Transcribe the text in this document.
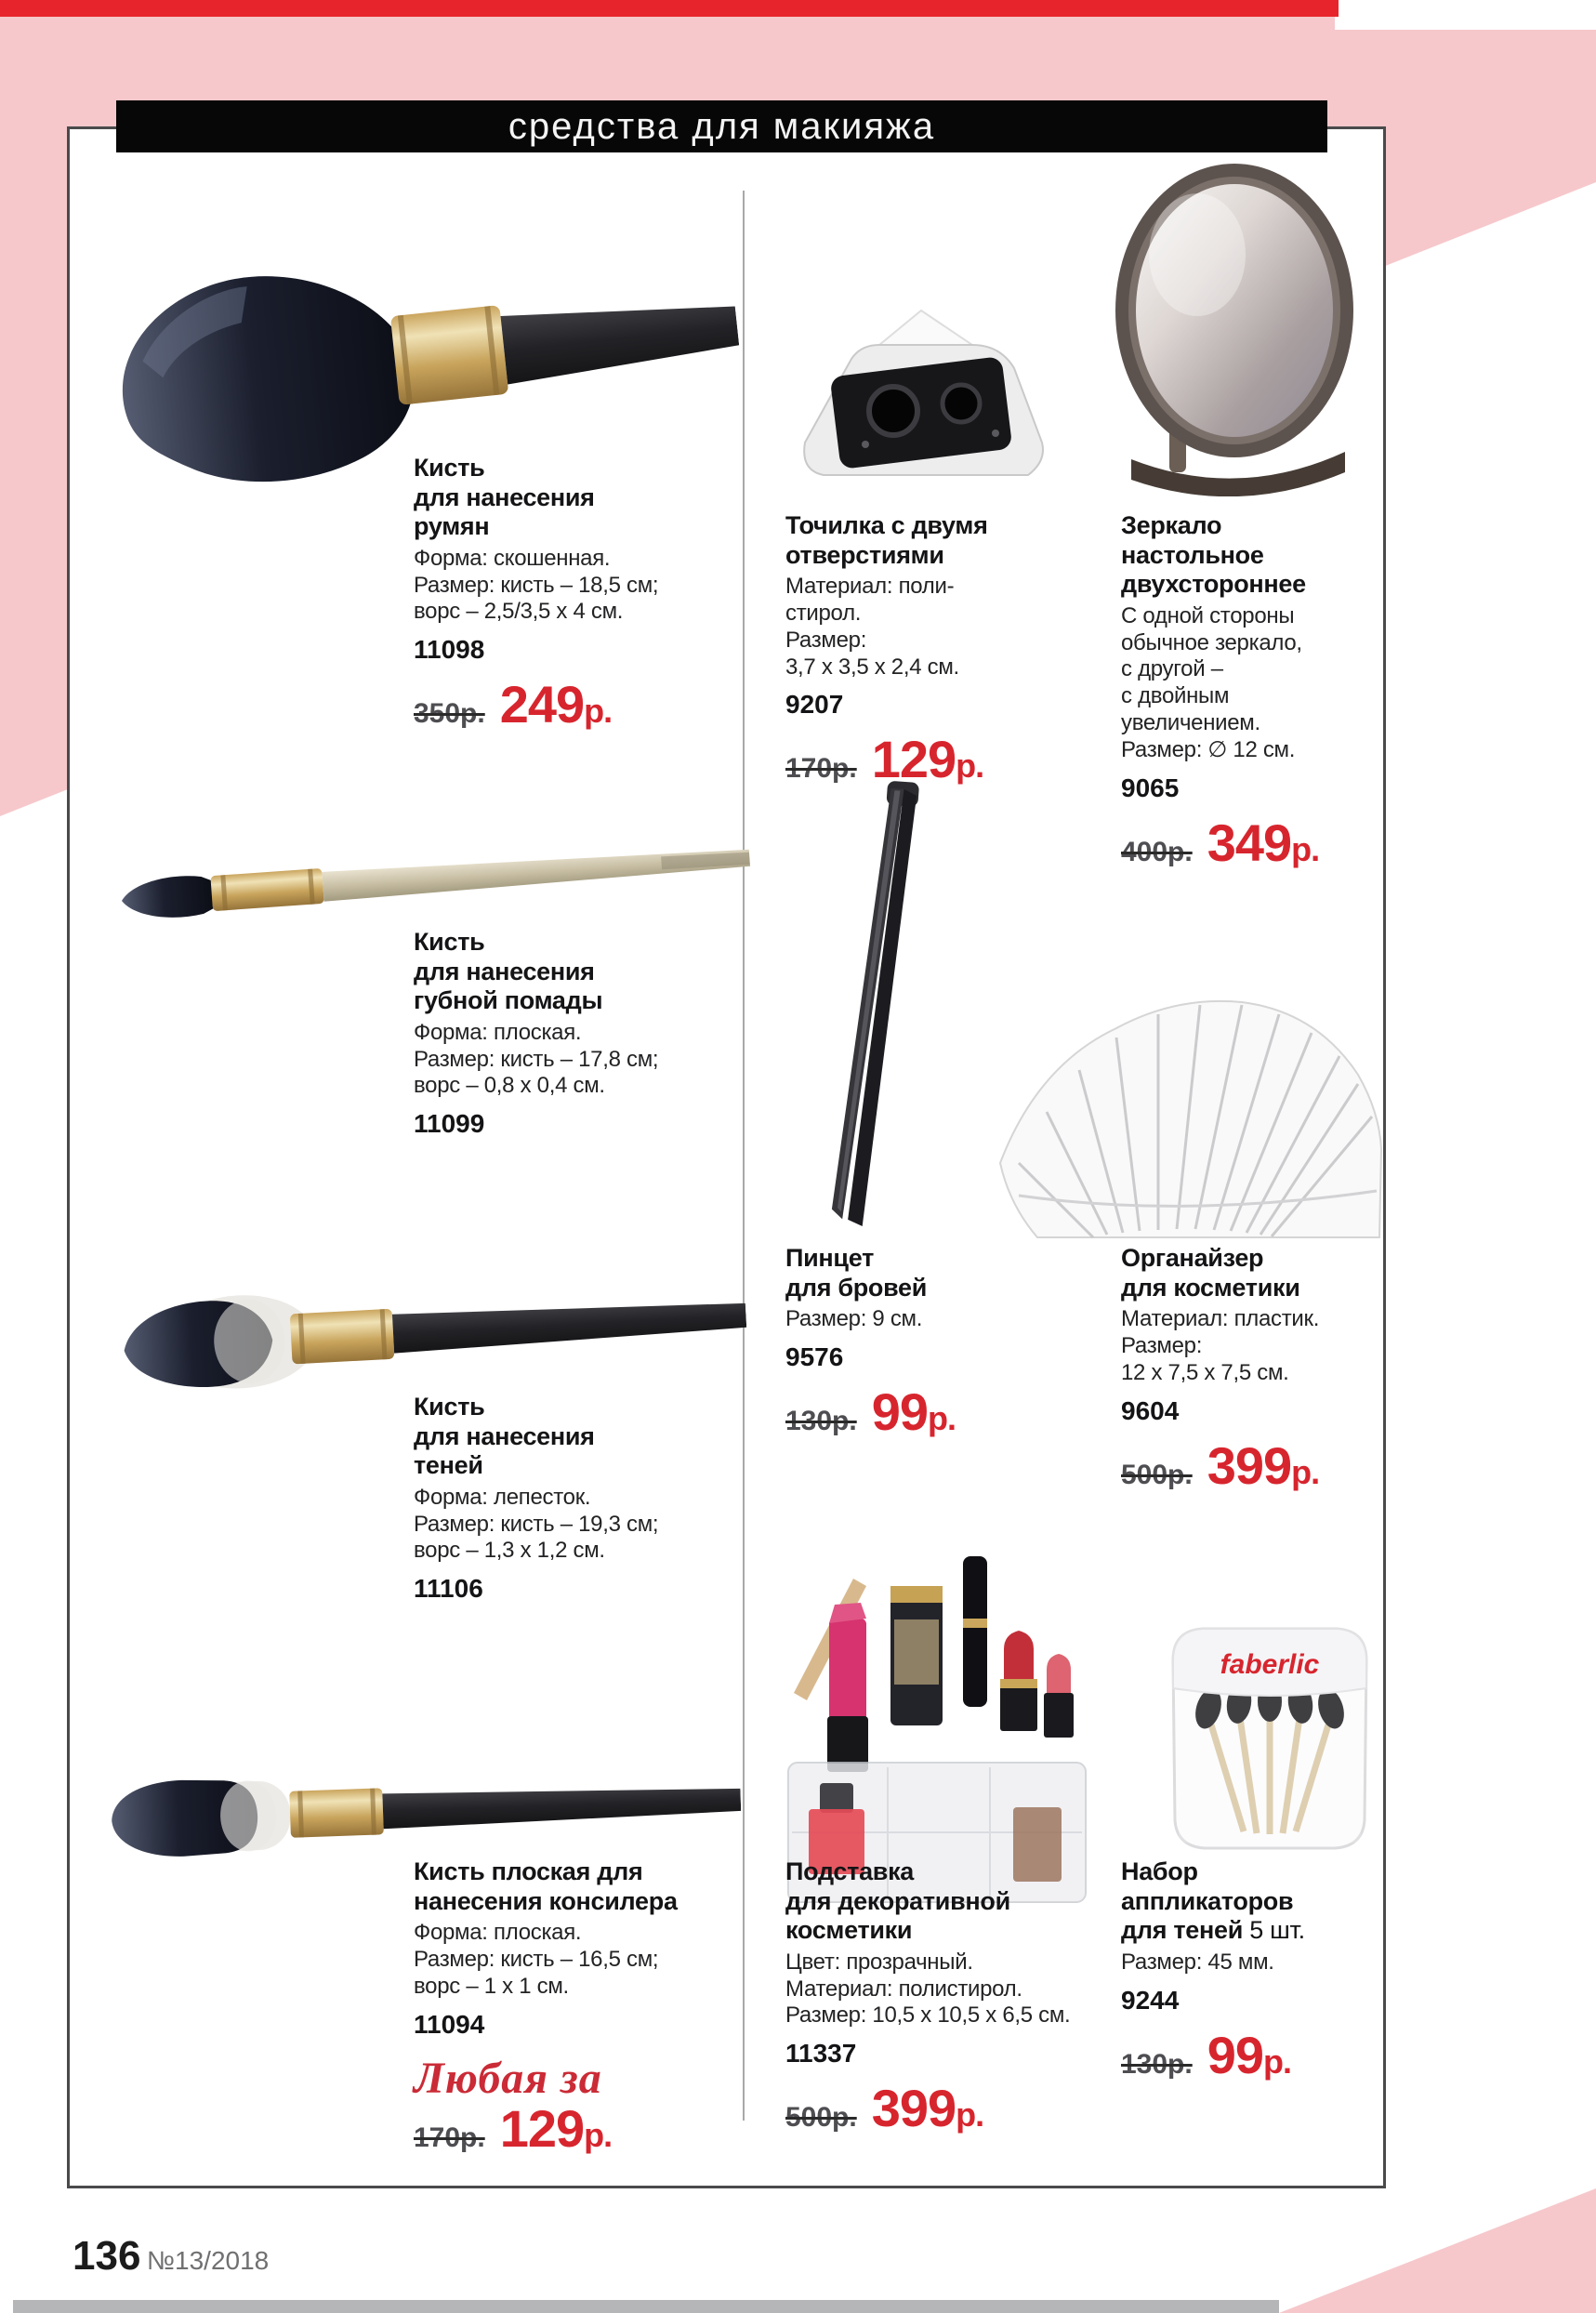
средства для макияжа
faberlic
Кисть
для нанесения
румян
Форма: скошенная.
Размер: кисть – 18,5 см;
ворс – 2,5/3,5 х 4 см.
11098
350р. 249р.
Точилка с двумя
отверстиями
Материал: поли-
стирол.
Размер:
3,7 х 3,5 х 2,4 см.
9207
170р. 129р.
Зеркало
настольное
двухстороннее
С одной стороны
обычное зеркало,
с другой –
с двойным
увеличением.
Размер: ∅ 12 см.
9065
400р. 349р.
Кисть
для нанесения
губной помады
Форма: плоская.
Размер: кисть – 17,8 см;
ворс – 0,8 х 0,4 см.
11099
Пинцет
для бровей
Размер: 9 см.
9576
130р. 99р.
Органайзер
для косметики
Материал: пластик.
Размер:
12 х 7,5 х 7,5 см.
9604
500р. 399р.
Кисть
для нанесения
теней
Форма: лепесток.
Размер: кисть – 19,3 см;
ворс – 1,3 х 1,2 см.
11106
Кисть плоская для
нанесения консилера
Форма: плоская.
Размер: кисть – 16,5 см;
ворс – 1 х 1 см.
11094
Любая за
170р. 129р.
Подставка
для декоративной
косметики
Цвет: прозрачный.
Материал: полистирол.
Размер: 10,5 х 10,5 х 6,5 см.
11337
500р. 399р.
Набор
аппликаторов
для теней 5 шт.
Размер: 45 мм.
9244
130р. 99р.
136 №13/2018
